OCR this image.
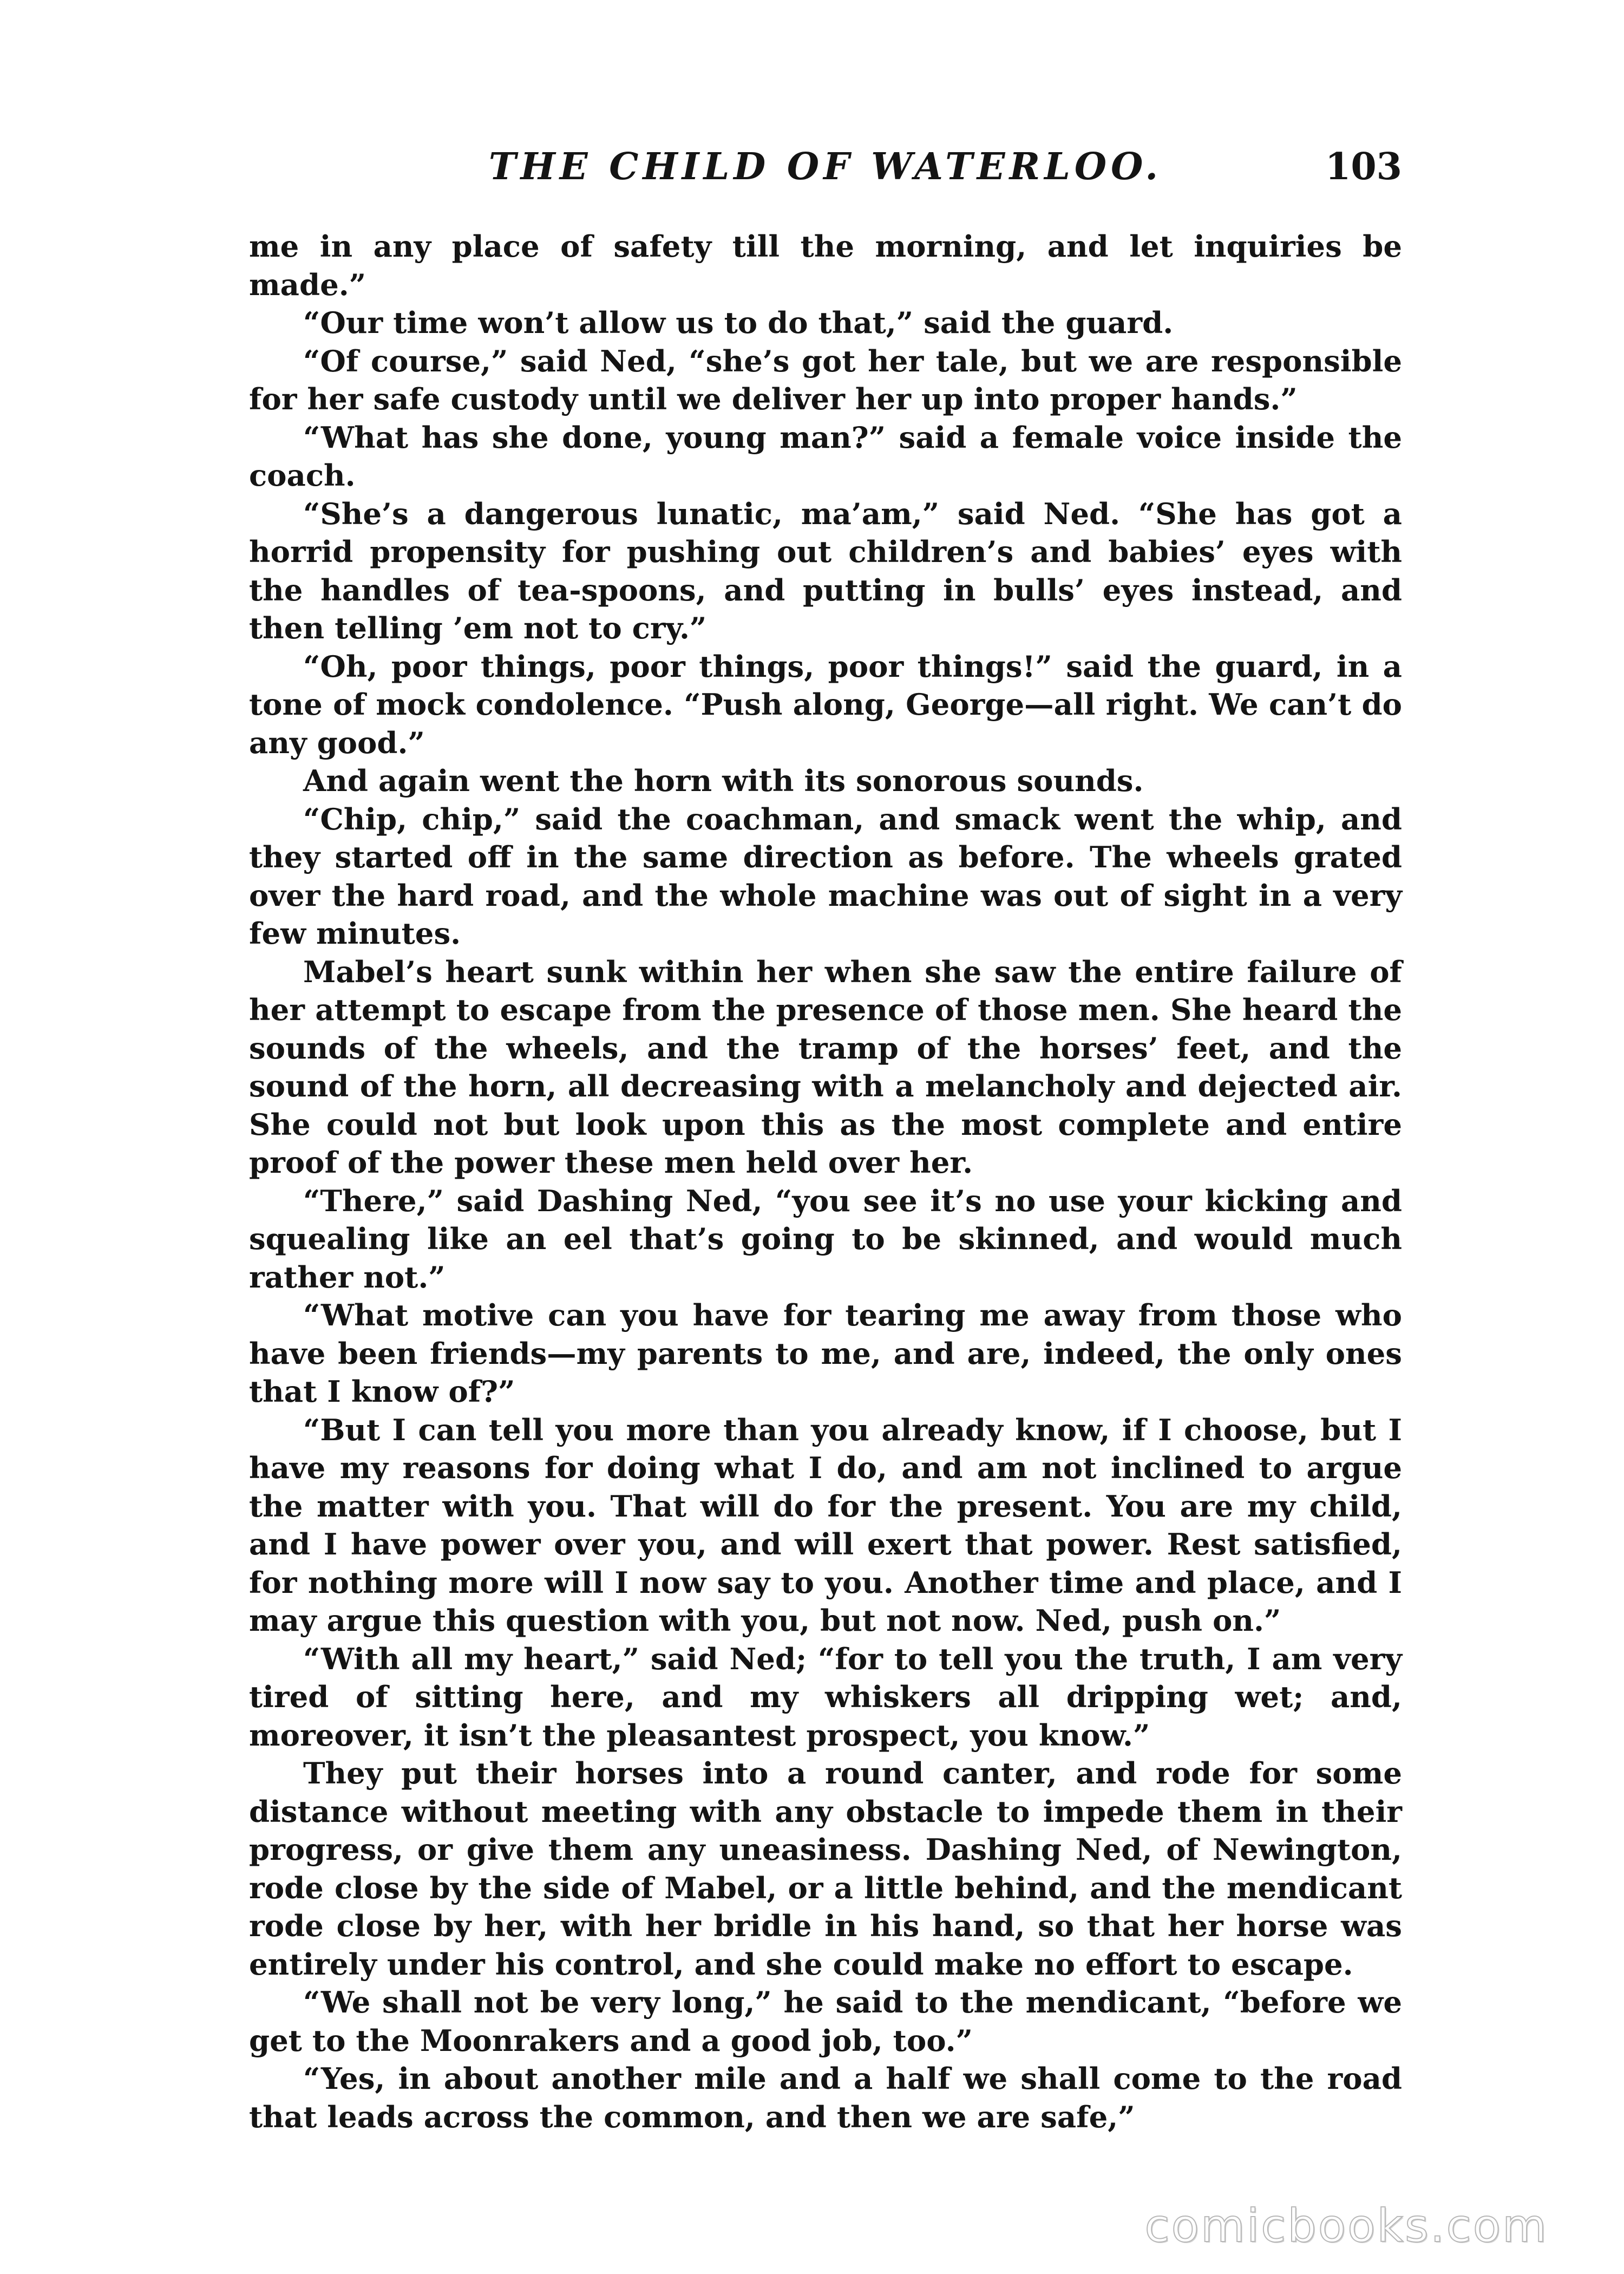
THE CHILD OF WATERLOO.	103

me in any place of safety till the morning, and let inquiries be made.”

“Our time won’t allow us to do that,” said the guard.

“Of course,” said Ned, “she’s got her tale, but we are responsible for her safe custody until we deliver her up into proper hands.”

“What has she done, young man?” said a female voice inside the coach.

“She’s a dangerous lunatic, ma’am,” said Ned. “She has got a horrid propensity for pushing out children’s and babies’ eyes with the handles of tea-spoons, and putting in bulls’ eyes instead, and then telling ’em not to cry.”

“Oh, poor things, poor things, poor things!” said the guard, in a tone of mock condolence. “Push along, George—all right. We can’t do any good.”

And again went the horn with its sonorous sounds.

“Chip, chip,” said the coachman, and smack went the whip, and they started off in the same direction as before. The wheels grated over the hard road, and the whole machine was out of sight in a very few minutes.

Mabel’s heart sunk within her when she saw the entire failure of her attempt to escape from the presence of those men. She heard the sounds of the wheels, and the tramp of the horses’ feet, and the sound of the horn, all decreasing with a melancholy and dejected air. She could not but look upon this as the most complete and entire proof of the power these men held over her.

“There,” said Dashing Ned, “you see it’s no use your kicking and squealing like an eel that’s going to be skinned, and would much rather not.”

“What motive can you have for tearing me away from those who have been friends—my parents to me, and are, indeed, the only ones that I know of?”

“But I can tell you more than you already know, if I choose, but I have my reasons for doing what I do, and am not inclined to argue the matter with you. That will do for the present. You are my child, and I have power over you, and will exert that power. Rest satisfied, for nothing more will I now say to you. Another time and place, and I may argue this question with you, but not now. Ned, push on.”

“With all my heart,” said Ned; “for to tell you the truth, I am very tired of sitting here, and my whiskers all dripping wet; and, moreover, it isn’t the pleasantest prospect, you know.”

They put their horses into a round canter, and rode for some distance without meeting with any obstacle to impede them in their progress, or give them any uneasiness. Dashing Ned, of Newington, rode close by the side of Mabel, or a little behind, and the mendicant rode close by her, with her bridle in his hand, so that her horse was entirely under his control, and she could make no effort to escape.

“We shall not be very long,” he said to the mendicant, “before we get to the Moonrakers and a good job, too.”

“Yes, in about another mile and a half we shall come to the road that leads across the common, and then we are safe,”

comicbooks.com
